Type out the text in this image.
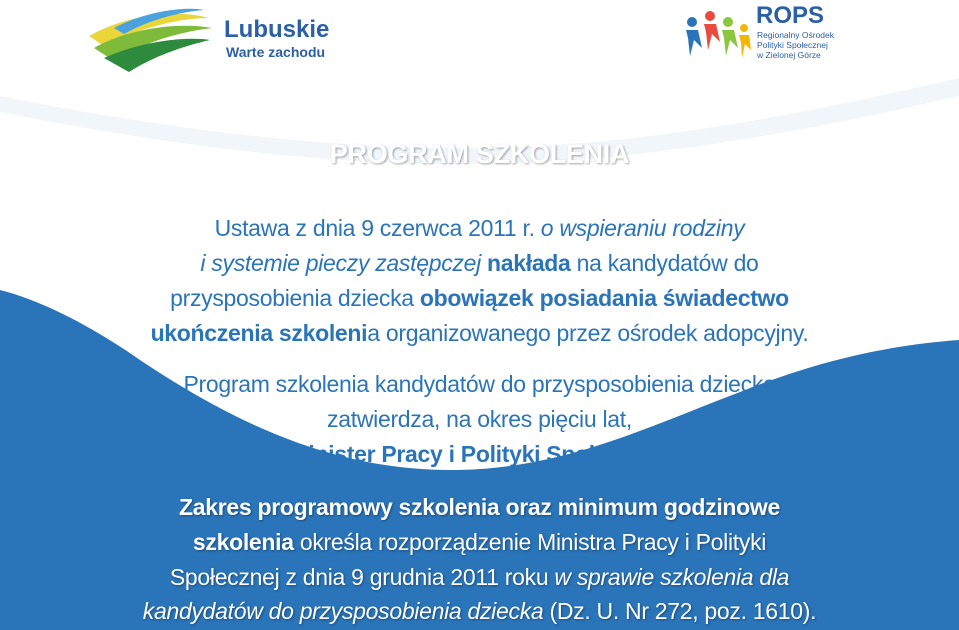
Lubuskie
Warte zachodu
ROPS
Regionalny Ośrodek
Polityki Społecznej
w Zielonej Górze
PROGRAM SZKOLENIA
Ustawa z dnia 9 czerwca 2011 r. o wspieraniu rodziny
i systemie pieczy zastępczej nakłada na kandydatów do
przysposobienia dziecka obowiązek posiadania świadectwo
ukończenia szkolenia organizowanego przez ośrodek adopcyjny.
Program szkolenia kandydatów do przysposobienia dziecka
zatwierdza, na okres pięciu lat,
Minister Pracy i Polityki Społecznej.
Zakres programowy szkolenia oraz minimum godzinowe
szkolenia określa rozporządzenie Ministra Pracy i Polityki
Społecznej z dnia 9 grudnia 2011 roku w sprawie szkolenia dla
kandydatów do przysposobienia dziecka (Dz. U. Nr 272, poz. 1610).
